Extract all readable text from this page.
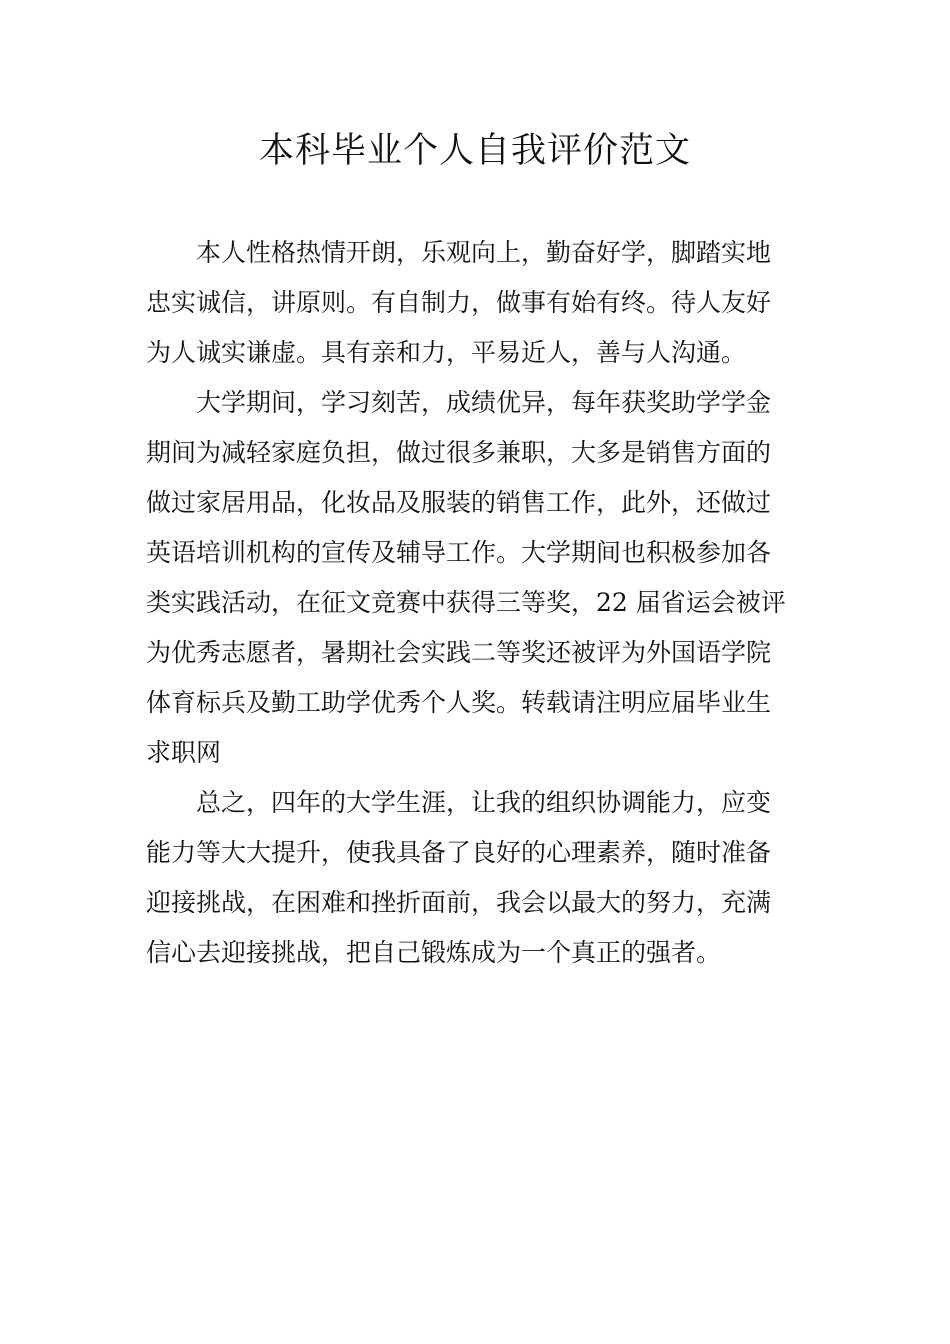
本科毕业个人自我评价范文

本人性格热情开朗，乐观向上，勤奋好学，脚踏实地
忠实诚信，讲原则。有自制力，做事有始有终。待人友好
为人诚实谦虚。具有亲和力，平易近人，善与人沟通。

大学期间，学习刻苦，成绩优异，每年获奖助学学金
期间为减轻家庭负担，做过很多兼职，大多是销售方面的
做过家居用品，化妆品及服装的销售工作，此外，还做过
英语培训机构的宣传及辅导工作。大学期间也积极参加各
类实践活动，在征文竞赛中获得三等奖，22 届省运会被评
为优秀志愿者，暑期社会实践二等奖还被评为外国语学院
体育标兵及勤工助学优秀个人奖。转载请注明应届毕业生
求职网

总之，四年的大学生涯，让我的组织协调能力，应变
能力等大大提升，使我具备了良好的心理素养，随时准备
迎接挑战，在困难和挫折面前，我会以最大的努力，充满
信心去迎接挑战，把自己锻炼成为一个真正的强者。
